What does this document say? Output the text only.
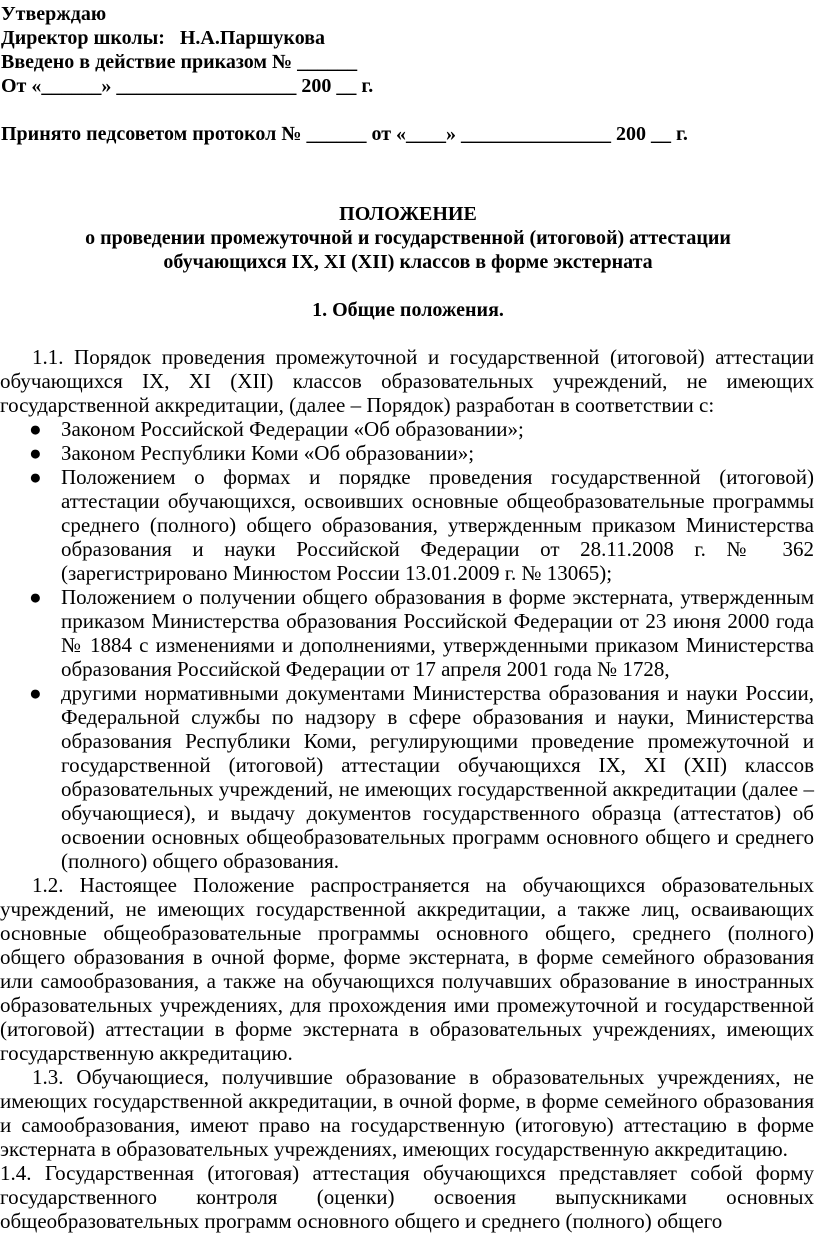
Утверждаю
Директор школы:   Н.А.Паршукова
Введено в действие приказом № ______
От «______» __________________ 200 __ г.
Принято педсоветом протокол № ______ от «____» _______________ 200 __ г.
ПОЛОЖЕНИЕ
о проведении промежуточной и государственной (итоговой) аттестации
обучающихся IX, XI (XII) классов в форме экстерната
1. Общие положения.

1.1. Порядок проведения промежуточной и государственной (итоговой) аттестации обучающихся IX, XI (XII) классов образовательных учреждений, не имеющих государственной аккредитации, (далее – Порядок) разработан в соответствии с:

● Законом Российской Федерации «Об образовании»;
● Законом Республики Коми «Об образовании»;
● Положением о формах и порядке проведения государственной (итоговой) аттестации обучающихся, освоивших основные общеобразовательные программы среднего (полного) общего образования, утвержденным приказом Министерства образования и науки Российской Федерации от 28.11.2008 г. № 362 (зарегистрировано Минюстом России 13.01.2009 г. № 13065);
● Положением о получении общего образования в форме экстерната, утвержденным приказом Министерства образования Российской Федерации от 23 июня 2000 года № 1884 с изменениями и дополнениями, утвержденными приказом Министерства образования Российской Федерации от 17 апреля 2001 года № 1728,
● другими нормативными документами Министерства образования и науки России, Федеральной службы по надзору в сфере образования и науки, Министерства образования Республики Коми, регулирующими проведение промежуточной и государственной (итоговой) аттестации обучающихся IX, XI (XII) классов образовательных учреждений, не имеющих государственной аккредитации (далее – обучающиеся), и выдачу документов государственного образца (аттестатов) об освоении основных общеобразовательных программ основного общего и среднего (полного) общего образования.

1.2. Настоящее Положение распространяется на обучающихся образовательных учреждений, не имеющих государственной аккредитации, а также лиц, осваивающих основные общеобразовательные программы основного общего, среднего (полного) общего образования в очной форме, форме экстерната, в форме семейного образования или самообразования, а также на обучающихся получавших образование в иностранных образовательных учреждениях, для прохождения ими промежуточной и государственной (итоговой) аттестации в форме экстерната в образовательных учреждениях, имеющих государственную аккредитацию.

1.3. Обучающиеся, получившие образование в образовательных учреждениях, не имеющих государственной аккредитации, в очной форме, в форме семейного образования и самообразования, имеют право на государственную (итоговую) аттестацию в форме экстерната в образовательных учреждениях, имеющих государственную аккредитацию.

1.4. Государственная (итоговая) аттестация обучающихся представляет собой форму государственного контроля (оценки) освоения выпускниками основных общеобразовательных программ основного общего и среднего (полного) общего
